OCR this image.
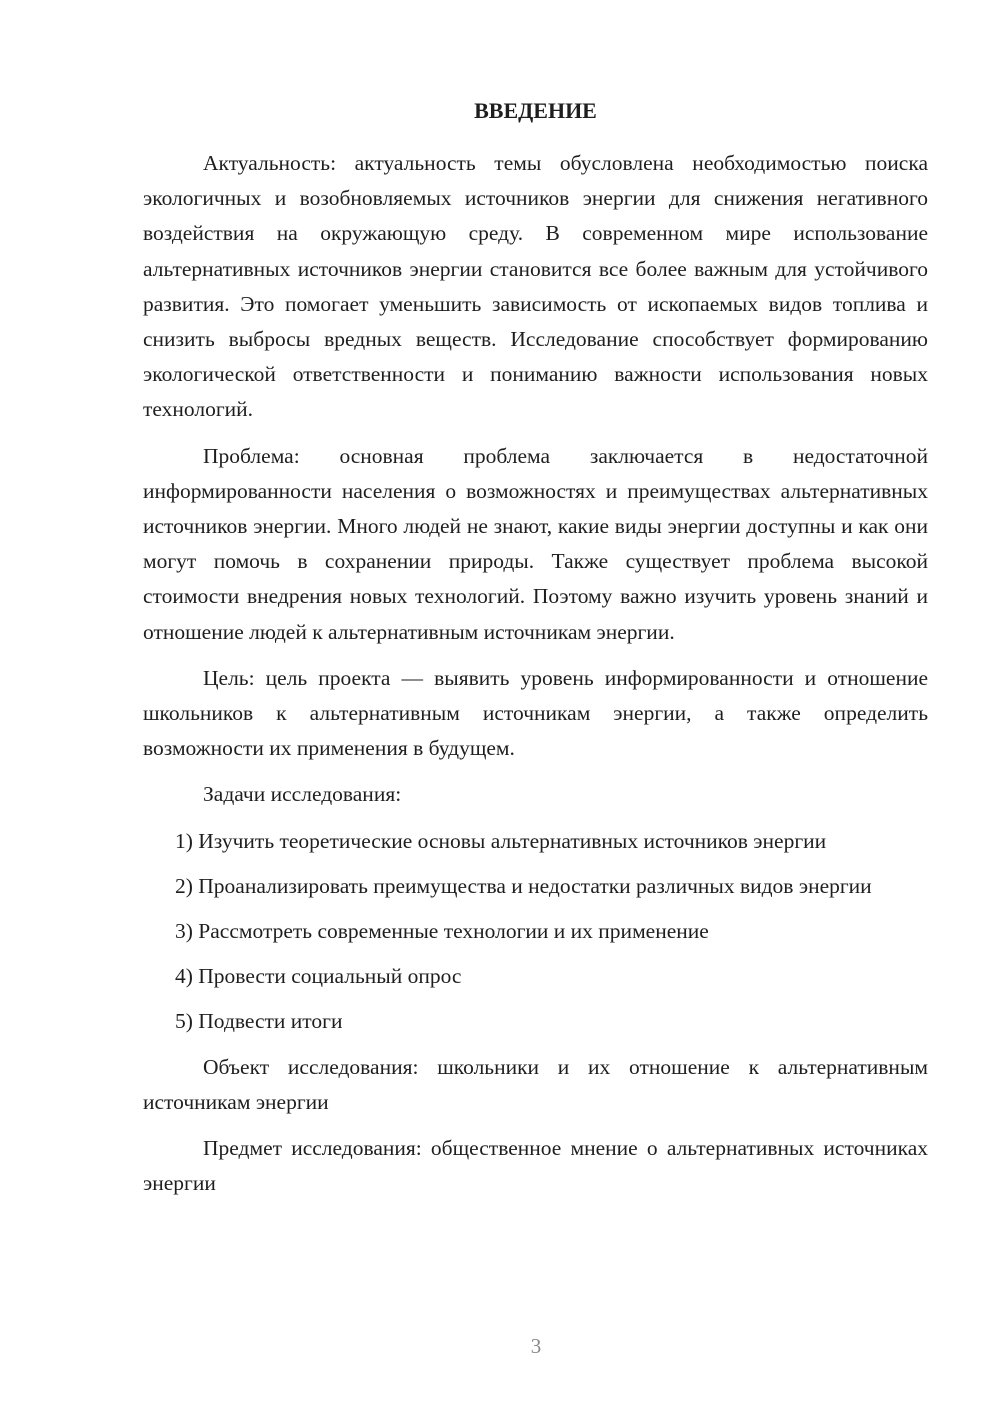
ВВЕДЕНИЕ

Актуальность: актуальность темы обусловлена необходимостью поиска экологичных и возобновляемых источников энергии для снижения негативного воздействия на окружающую среду. В современном мире использование альтернативных источников энергии становится все более важным для устойчивого развития. Это помогает уменьшить зависимость от ископаемых видов топлива и снизить выбросы вредных веществ. Исследование способствует формированию экологической ответственности и пониманию важности использования новых технологий.

Проблема: основная проблема заключается в недостаточной информированности населения о возможностях и преимуществах альтернативных источников энергии. Много людей не знают, какие виды энергии доступны и как они могут помочь в сохранении природы. Также существует проблема высокой стоимости внедрения новых технологий. Поэтому важно изучить уровень знаний и отношение людей к альтернативным источникам энергии.

Цель: цель проекта — выявить уровень информированности и отношение школьников к альтернативным источникам энергии, а также определить возможности их применения в будущем.

Задачи исследования:

1) Изучить теоретические основы альтернативных источников энергии

2) Проанализировать преимущества и недостатки различных видов энергии

3) Рассмотреть современные технологии и их применение

4) Провести социальный опрос

5) Подвести итоги

Объект исследования: школьники и их отношение к альтернативным источникам энергии

Предмет исследования: общественное мнение о альтернативных источниках энергии

3
